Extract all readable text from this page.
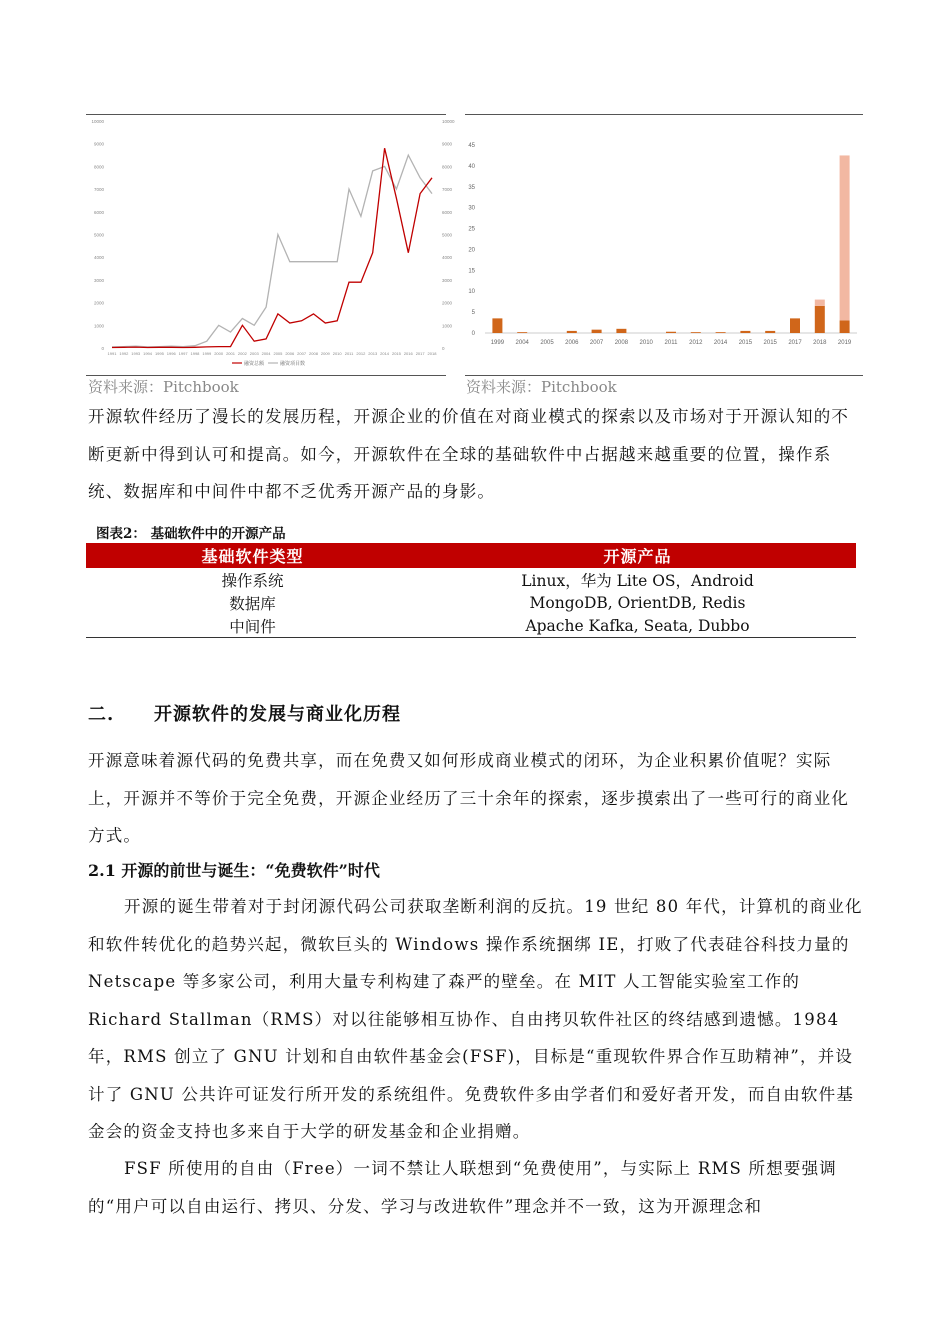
0
1000
2000
3000
4000
5000
6000
7000
8000
9000
10000
0
1000
2000
3000
4000
5000
6000
7000
8000
9000
10000
1991 1992 1993 1994 1995 1996 1997 1998 1999 2000 2001 2002 2003 2004 2005 2006 2007 2008 2009 2010 2011 2012 2013 2014 2015 2016 2017 2018
融资总额	融资项目数
0
5
10
15
20
25
30
35
40
45
1999 2004 2005 2006 2007 2008 2010 2011 2012 2014 2015 2015 2017 2018 2019
资料来源：Pitchbook	资料来源：Pitchbook
开源软件经历了漫长的发展历程，开源企业的价值在对商业模式的探索以及市场对于开源认知的不断更新中得到认可和提高。如今，开源软件在全球的基础软件中占据越来越重要的位置，操作系统、数据库和中间件中都不乏优秀开源产品的身影。
图表2： 基础软件中的开源产品
基础软件类型	开源产品
操作系统	Linux，华为 Lite OS，Android
数据库	MongoDB, OrientDB, Redis
中间件	Apache Kafka, Seata, Dubbo
二. 开源软件的发展与商业化历程
开源意味着源代码的免费共享，而在免费又如何形成商业模式的闭环，为企业积累价值呢？实际上，开源并不等价于完全免费，开源企业经历了三十余年的探索，逐步摸索出了一些可行的商业化方式。
2.1 开源的前世与诞生：“免费软件”时代
开源的诞生带着对于封闭源代码公司获取垄断利润的反抗。19 世纪 80 年代，计算机的商业化和软件转优化的趋势兴起，微软巨头的 Windows 操作系统捆绑 IE，打败了代表硅谷科技力量的 Netscape 等多家公司，利用大量专利构建了森严的壁垒。在 MIT 人工智能实验室工作的 Richard Stallman（RMS）对以往能够相互协作、自由拷贝软件社区的终结感到遗憾。1984 年，RMS 创立了 GNU 计划和自由软件基金会(FSF)，目标是“重现软件界合作互助精神”，并设计了 GNU 公共许可证发行所开发的系统组件。免费软件多由学者们和爱好者开发，而自由软件基金会的资金支持也多来自于大学的研发基金和企业捐赠。
FSF 所使用的自由（Free）一词不禁让人联想到“免费使用”，与实际上 RMS 所想要强调的“用户可以自由运行、拷贝、分发、学习与改进软件”理念并不一致，这为开源理念和
